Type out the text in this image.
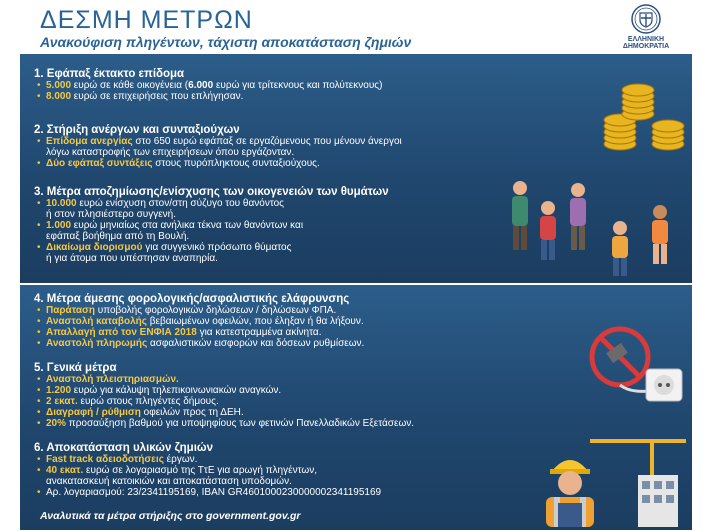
ΔΕΣΜΗ ΜΕΤΡΩΝ
Ανακούφιση πληγέντων, τάχιστη αποκατάσταση ζημιών	ΕΛΛΗΝΙΚΗ ΔΗΜΟΚΡΑΤΙΑ
1. Εφάπαξ έκτακτο επίδομα
• 5.000 ευρώ σε κάθε οικογένεια (6.000 ευρώ για τρίτεκνους και πολύτεκνους)
• 8.000 ευρώ σε επιχειρήσεις που επλήγησαν.
2. Στήριξη ανέργων και συνταξιούχων
• Επίδομα ανεργίας στο 650 ευρώ εφάπαξ σε εργαζόμενους που μένουν άνεργοι
λόγω καταστροφής των επιχειρήσεων όπου εργάζονταν.
• Δύο εφάπαξ συντάξεις στους πυρόπληκτους συνταξιούχους.
3. Μέτρα αποζημίωσης/ενίσχυσης των οικογενειών των θυμάτων
• 10.000 ευρώ ενίσχυση στον/στη σύζυγο του θανόντος
ή στον πλησιέστερο συγγενή.
• 1.000 ευρώ μηνιαίως στα ανήλικα τέκνα των θανόντων και
εφάπαξ βοήθημα από τη Βουλή.
• Δικαίωμα διορισμού για συγγενικό πρόσωπο θύματος
ή για άτομα που υπέστησαν αναπηρία.
4. Μέτρα άμεσης φορολογικής/ασφαλιστικής ελάφρυνσης
• Παράταση υποβολής φορολογικών δηλώσεων / δηλώσεων ΦΠΑ.
• Αναστολή καταβολής βεβαιωμένων οφειλών, που έληξαν ή θα λήξουν.
• Απαλλαγή από τον ΕΝΦΙΑ 2018 για κατεστραμμένα ακίνητα.
• Αναστολή πληρωμής ασφαλιστικών εισφορών και δόσεων ρυθμίσεων.
5. Γενικά μέτρα
• Αναστολή πλειστηριασμών.
• 1.200 ευρώ για κάλυψη τηλεπικοινωνιακών αναγκών.
• 2 εκατ. ευρώ στους πληγέντες δήμους.
• Διαγραφή / ρύθμιση οφειλών προς τη ΔΕΗ.
• 20% προσαύξηση βαθμού για υποψηφίους των φετινών Πανελλαδικών Εξετάσεων.
6. Αποκατάσταση υλικών ζημιών
• Fast track αδειοδοτήσεις έργων.
• 40 εκατ. ευρώ σε λογαριασμό της ΤτΕ για αρωγή πληγέντων,
ανακατασκευή κατοικιών και αποκατάσταση υποδομών.
• Αρ. λογαριασμού: 23/2341195169, IBAN GR4601000230000002341195169
Αναλυτικά τα μέτρα στήριξης στο government.gov.gr
